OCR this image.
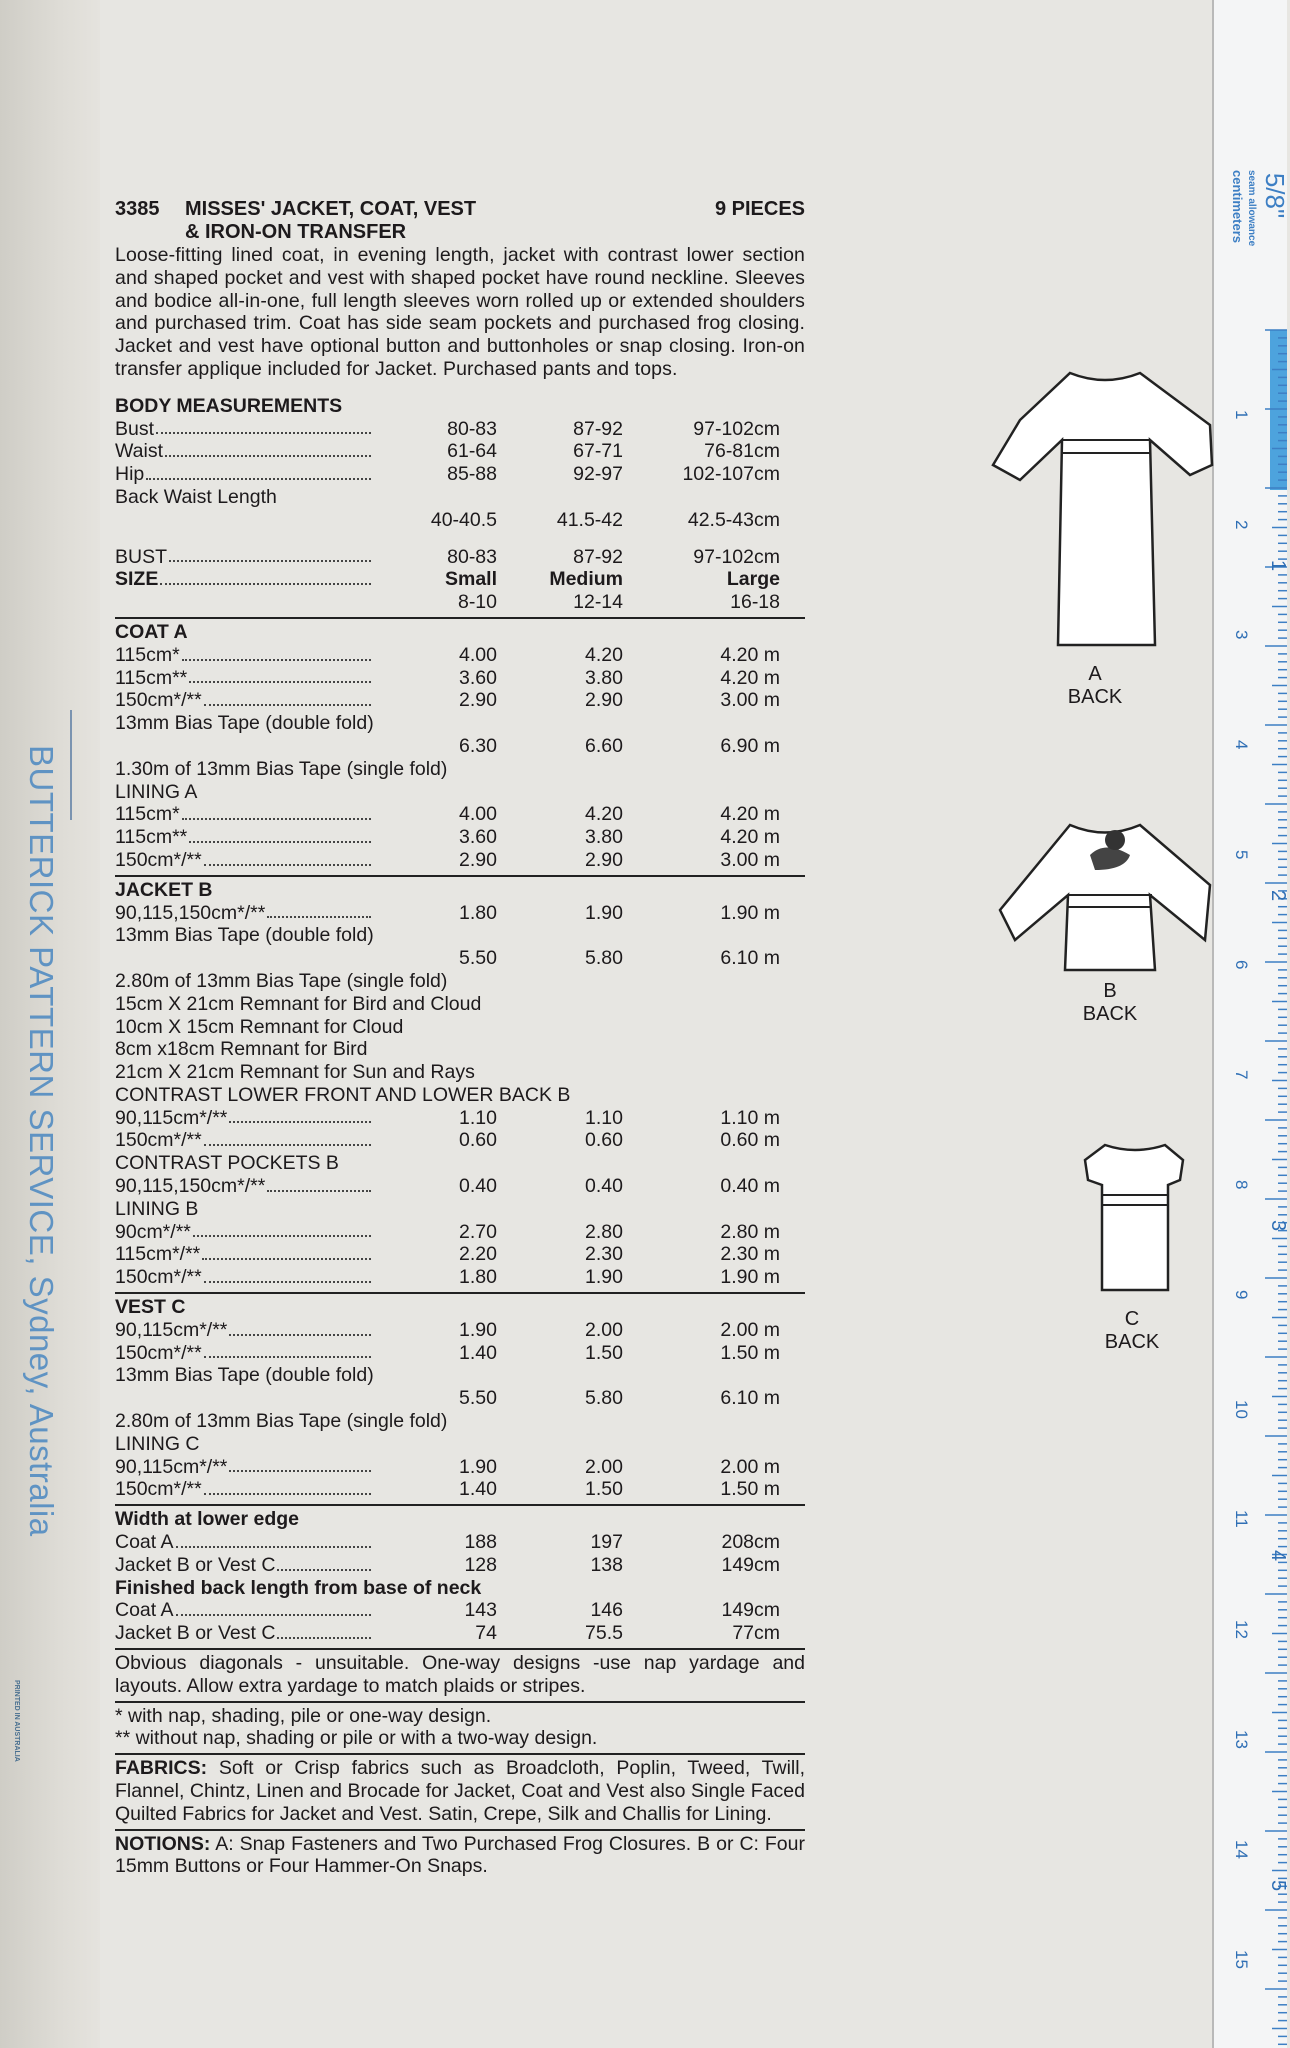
BUTTERICK PATTERN SERVICE, Sydney, Australia
PRINTED IN AUSTRALIA
3385	MISSES' JACKET, COAT, VEST
& IRON-ON TRANSFER
9 PIECES
Loose-fitting lined coat, in evening length, jacket with contrast lower section and shaped pocket and vest with shaped pocket have round neckline. Sleeves and bodice all-in-one, full length sleeves worn rolled up or extended shoulders and purchased trim. Coat has side seam pockets and purchased frog closing. Jacket and vest have optional button and buttonholes or snap closing. Iron-on transfer applique included for Jacket. Purchased pants and tops.
BODY MEASUREMENTS
Bust	80-83	87-92	97-102cm
Waist	61-64	67-71	76-81cm
Hip	85-88	92-97	102-107cm
Back Waist Length
40-40.5	41.5-42	42.5-43cm
BUST	80-83	87-92	97-102cm
SIZE	Small	Medium	Large
8-10	12-14	16-18
COAT A
115cm*	4.00	4.20	4.20 m
115cm**	3.60	3.80	4.20 m
150cm*/**	2.90	2.90	3.00 m
13mm Bias Tape (double fold)
6.30	6.60	6.90 m
1.30m of 13mm Bias Tape (single fold)
LINING A
115cm*	4.00	4.20	4.20 m
115cm**	3.60	3.80	4.20 m
150cm*/**	2.90	2.90	3.00 m
JACKET B
90,115,150cm*/**	1.80	1.90	1.90 m
13mm Bias Tape (double fold)
5.50	5.80	6.10 m
2.80m of 13mm Bias Tape (single fold)
15cm X 21cm Remnant for Bird and Cloud
10cm X 15cm Remnant for Cloud
8cm x18cm Remnant for Bird
21cm X 21cm Remnant for Sun and Rays
CONTRAST LOWER FRONT AND LOWER BACK B
90,115cm*/**	1.10	1.10	1.10 m
150cm*/**	0.60	0.60	0.60 m
CONTRAST POCKETS B
90,115,150cm*/**	0.40	0.40	0.40 m
LINING B
90cm*/**	2.70	2.80	2.80 m
115cm*/**	2.20	2.30	2.30 m
150cm*/**	1.80	1.90	1.90 m
VEST C
90,115cm*/**	1.90	2.00	2.00 m
150cm*/**	1.40	1.50	1.50 m
13mm Bias Tape (double fold)
5.50	5.80	6.10 m
2.80m of 13mm Bias Tape (single fold)
LINING C
90,115cm*/**	1.90	2.00	2.00 m
150cm*/**	1.40	1.50	1.50 m
Width at lower edge
Coat A	188	197	208cm
Jacket B or Vest C	128	138	149cm
Finished back length from base of neck
Coat A	143	146	149cm
Jacket B or Vest C	74	75.5	77cm
Obvious diagonals - unsuitable. One-way designs -use nap yardage and layouts. Allow extra yardage to match plaids or stripes.
* with nap, shading, pile or one-way design.
** without nap, shading or pile or with a two-way design.
FABRICS: Soft or Crisp fabrics such as Broadcloth, Poplin, Tweed, Twill, Flannel, Chintz, Linen and Brocade for Jacket, Coat and Vest also Single Faced Quilted Fabrics for Jacket and Vest. Satin, Crepe, Silk and Challis for Lining.
NOTIONS: A: Snap Fasteners and Two Purchased Frog Closures. B or C: Four 15mm Buttons or Four Hammer-On Snaps.
1
2
3
4
5
6
7
8
9
10
11
12
13
14
15
1
2
3
4
5
seam allowance
centimeters 5/8"
A
BACK
B
BACK
C
BACK
